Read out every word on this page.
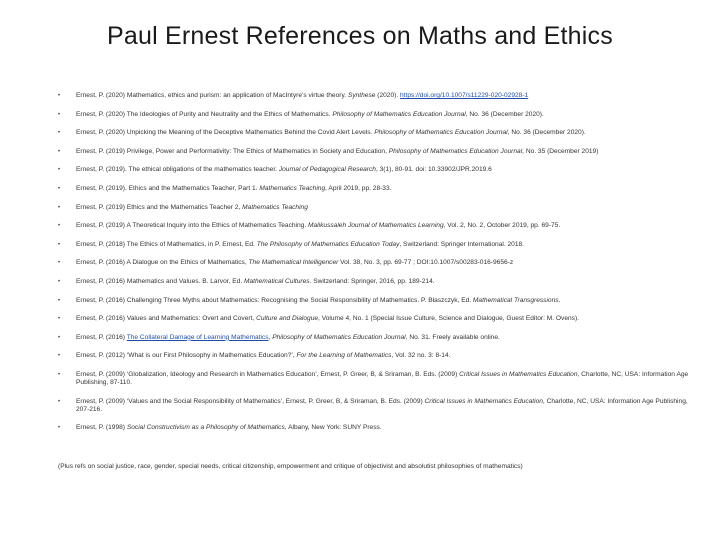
Paul Ernest References on Maths and Ethics
• Ernest, P. (2020) Mathematics, ethics and purism: an application of MacIntyre’s virtue theory. Synthese (2020). https://doi.org/10.1007/s11229-020-02928-1
• Ernest, P. (2020) The Ideologies of Purity and Neutrality and the Ethics of Mathematics. Philosophy of Mathematics Education Journal, No. 36 (December 2020).
• Ernest, P. (2020) Unpicking the Meaning of the Deceptive Mathematics Behind the Covid Alert Levels. Philosophy of Mathematics Education Journal, No. 36 (December 2020).
• Ernest, P. (2019) Privilege, Power and Performativity: The Ethics of Mathematics in Society and Education, Philosophy of Mathematics Education Journal, No. 35 (December 2019)
• Ernest, P. (2019). The ethical obligations of the mathematics teacher. Journal of Pedagogical Research, 3(1), 80-91. doi: 10.33902/JPR.2019.6
• Ernest, P. (2019). Ethics and the Mathematics Teacher, Part 1. Mathematics Teaching, April 2019, pp. 28-33.
• Ernest, P. (2019) Ethics and the Mathematics Teacher 2, Mathematics Teaching
• Ernest, P. (2019) A Theoretical Inquiry into the Ethics of Mathematics Teaching. Malikussaleh Journal of Mathematics Learning, Vol. 2, No. 2, October 2019, pp. 69-75.
• Ernest, P. (2018) The Ethics of Mathematics, in P. Ernest, Ed. The Philosophy of Mathematics Education Today, Switzerland: Springer International. 2018.
• Ernest, P. (2016) A Dialogue on the Ethics of Mathematics, The Mathematical Intelligencer Vol. 38, No. 3, pp. 69-77 ; DOI:10.1007/s00283-016-9656-z
• Ernest, P. (2016) Mathematics and Values. B. Larvor, Ed. Mathematical Cultures. Switzerland: Springer, 2016, pp. 189-214.
• Ernest, P. (2016) Challenging Three Myths about Mathematics: Recognising the Social Responsibility of Mathematics. P. Błaszczyk, Ed. Mathematical Transgressions.
• Ernest, P. (2016) Values and Mathematics: Overt and Covert, Culture and Dialogue, Volume 4, No. 1 (Special Issue Culture, Science and Dialogue, Guest Editor: M. Ovens).
• Ernest, P. (2016) The Collateral Damage of Learning Mathematics, Philosophy of Mathematics Education Journal, No. 31. Freely available online.
• Ernest, P. (2012) ‘What is our First Philosophy in Mathematics Education?’, For the Learning of Mathematics, Vol. 32 no. 3: 8-14.
• Ernest, P. (2009) ‘Globalization, Ideology and Research in Mathematics Education’, Ernest, P. Greer, B, & Sriraman, B. Eds. (2009) Critical Issues in Mathematics Education, Charlotte, NC, USA: Information Age Publishing, 87-110.
• Ernest, P. (2009) ‘Values and the Social Responsibility of Mathematics’, Ernest, P. Greer, B, & Sriraman, B. Eds. (2009) Critical Issues in Mathematics Education, Charlotte, NC, USA: Information Age Publishing, 207-216.
• Ernest, P. (1998) Social Constructivism as a Philosophy of Mathematics, Albany, New York: SUNY Press.

(Plus refs on social justice, race, gender, special needs, critical citizenship, empowerment and critique of objectivist and absolutist philosophies of mathematics)
